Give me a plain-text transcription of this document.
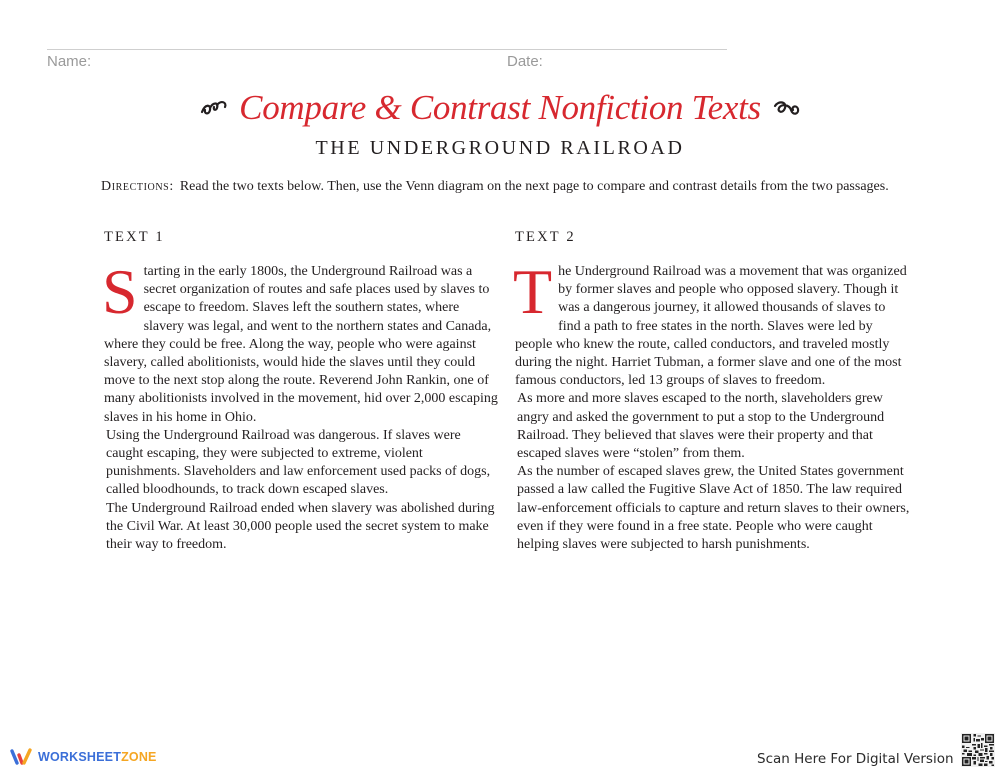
Name:	Date:
Compare & Contrast Nonfiction Texts
THE UNDERGROUND RAILROAD
Directions: Read the two texts below. Then, use the Venn diagram on the next page to compare and contrast details from the two passages.
TEXT 1

Starting in the early 1800s, the Underground Railroad was a secret organization of routes and safe places used by slaves to escape to freedom. Slaves left the southern states, where slavery was legal, and went to the northern states and Canada, where they could be free. Along the way, people who were against slavery, called abolitionists, would hide the slaves until they could move to the next stop along the route. Reverend John Rankin, one of many abolitionists involved in the movement, hid over 2,000 escaping slaves in his home in Ohio.

Using the Underground Railroad was dangerous. If slaves were caught escaping, they were subjected to extreme, violent punishments. Slaveholders and law enforcement used packs of dogs, called bloodhounds, to track down escaped slaves.

The Underground Railroad ended when slavery was abolished during the Civil War. At least 30,000 people used the secret system to make their way to freedom.

TEXT 2

The Underground Railroad was a movement that was organized by former slaves and people who opposed slavery. Though it was a dangerous journey, it allowed thousands of slaves to find a path to free states in the north. Slaves were led by people who knew the route, called conductors, and traveled mostly during the night. Harriet Tubman, a former slave and one of the most famous conductors, led 13 groups of slaves to freedom.

As more and more slaves escaped to the north, slaveholders grew angry and asked the government to put a stop to the Underground Railroad. They believed that slaves were their property and that escaped slaves were “stolen” from them.

As the number of escaped slaves grew, the United States government passed a law called the Fugitive Slave Act of 1850. The law required law-enforcement officials to capture and return slaves to their owners, even if they were found in a free state. People who were caught helping slaves were subjected to harsh punishments.

WORKSHEETZONE	Scan Here For Digital Version
